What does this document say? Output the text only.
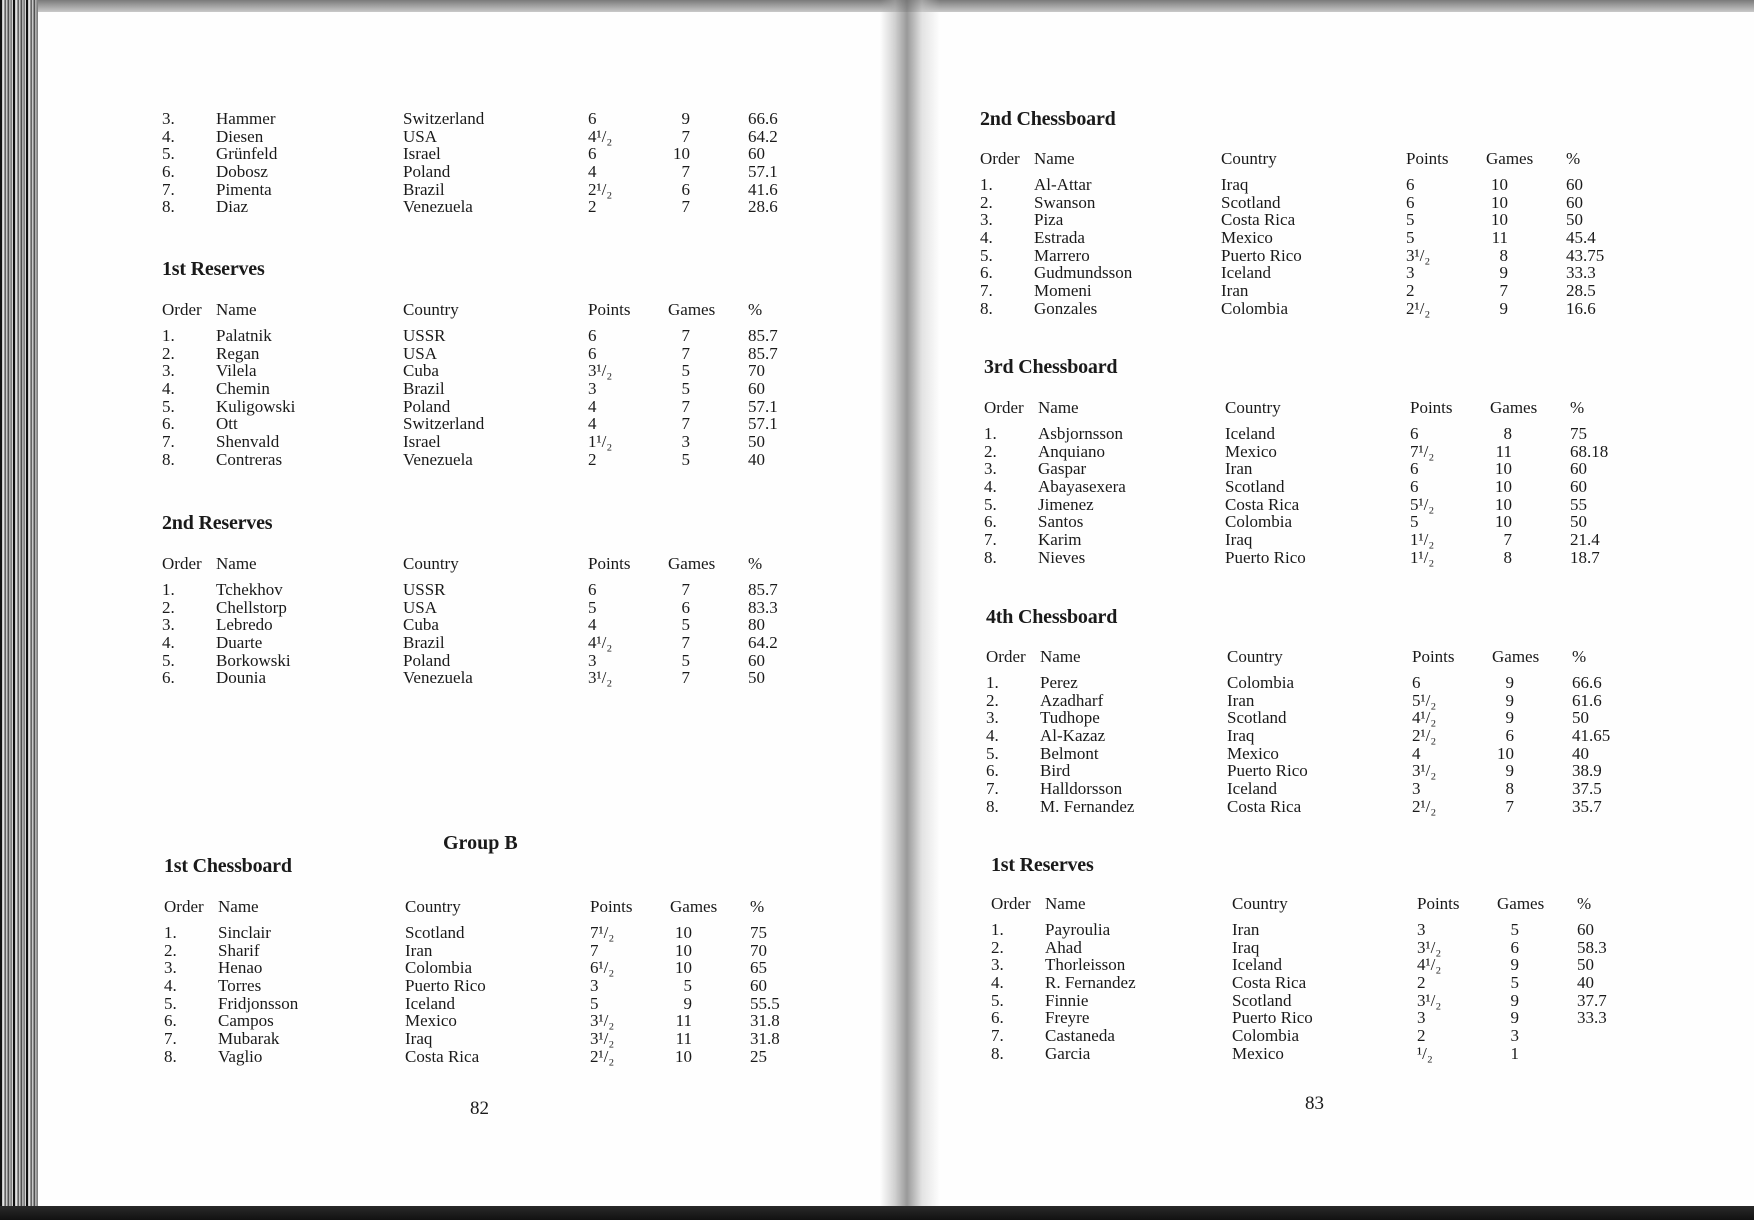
3. Hammer	Switzerland	6	9	66.6
4. Diesen	USA	4¹/₂	7	64.2
5. Grünfeld	Israel	6	10	60
6. Dobosz	Poland	4	7	57.1
7. Pimenta	Brazil	2¹/₂	6	41.6
8. Diaz	Venezuela	2	7	28.6
1st Reserves
Order Name	Country	Points Games %
1. Palatnik	USSR	6	7	85.7
2. Regan	USA	6	7	85.7
3. Vilela	Cuba	3¹/₂	5	70
4. Chemin	Brazil	3	5	60
5. Kuligowski	Poland	4	7	57.1
6. Ott	Switzerland	4	7	57.1
7. Shenvald	Israel	1¹/₂	3	50
8. Contreras	Venezuela	2	5	40
2nd Reserves
Order Name	Country	Points Games %
1. Tchekhov	USSR	6	7	85.7
2. Chellstorp	USA	5	6	83.3
3. Lebredo	Cuba	4	5	80
4. Duarte	Brazil	4¹/₂	7	64.2
5. Borkowski	Poland	3	5	60
6. Dounia	Venezuela	3¹/₂	7	50
Group B
1st Chessboard
Order Name	Country	Points Games %
1. Sinclair	Scotland	7¹/₂	10	75
2. Sharif	Iran	7	10	70
3. Henao	Colombia	6¹/₂	10	65
4. Torres	Puerto Rico	3	5	60
5. Fridjonsson	Iceland	5	9	55.5
6. Campos	Mexico	3¹/₂	11	31.8
7. Mubarak	Iraq	3¹/₂	11	31.8
8. Vaglio	Costa Rica	2¹/₂	10	25
82
2nd Chessboard
Order Name	Country	Points Games %
1. Al-Attar	Iraq	6	10	60
2. Swanson	Scotland	6	10	60
3. Piza	Costa Rica	5	10	50
4. Estrada	Mexico	5	11	45.4
5. Marrero	Puerto Rico	3¹/₂	8	43.75
6. Gudmundsson	Iceland	3	9	33.3
7. Momeni	Iran	2	7	28.5
8. Gonzales	Colombia	2¹/₂	9	16.6
3rd Chessboard
Order Name	Country	Points Games %
1. Asbjornsson	Iceland	6	8	75
2. Anquiano	Mexico	7¹/₂	11	68.18
3. Gaspar	Iran	6	10	60
4. Abayasexera	Scotland	6	10	60
5. Jimenez	Costa Rica	5¹/₂	10	55
6. Santos	Colombia	5	10	50
7. Karim	Iraq	1¹/₂	7	21.4
8. Nieves	Puerto Rico	1¹/₂	8	18.7
4th Chessboard
Order Name	Country	Points Games %
1. Perez	Colombia	6	9	66.6
2. Azadharf	Iran	5¹/₂	9	61.6
3. Tudhope	Scotland	4¹/₂	9	50
4. Al-Kazaz	Iraq	2¹/₂	6	41.65
5. Belmont	Mexico	4	10	40
6. Bird	Puerto Rico	3¹/₂	9	38.9
7. Halldorsson	Iceland	3	8	37.5
8. M. Fernandez	Costa Rica	2¹/₂	7	35.7
1st Reserves
Order Name	Country	Points Games %
1. Payroulia	Iran	3	5	60
2. Ahad	Iraq	3¹/₂	6	58.3
3. Thorleisson	Iceland	4¹/₂	9	50
4. R. Fernandez	Costa Rica	2	5	40
5. Finnie	Scotland	3¹/₂	9	37.7
6. Freyre	Puerto Rico	3	9	33.3
7. Castaneda	Colombia	2	3
8. Garcia	Mexico	¹/₂	1
83
